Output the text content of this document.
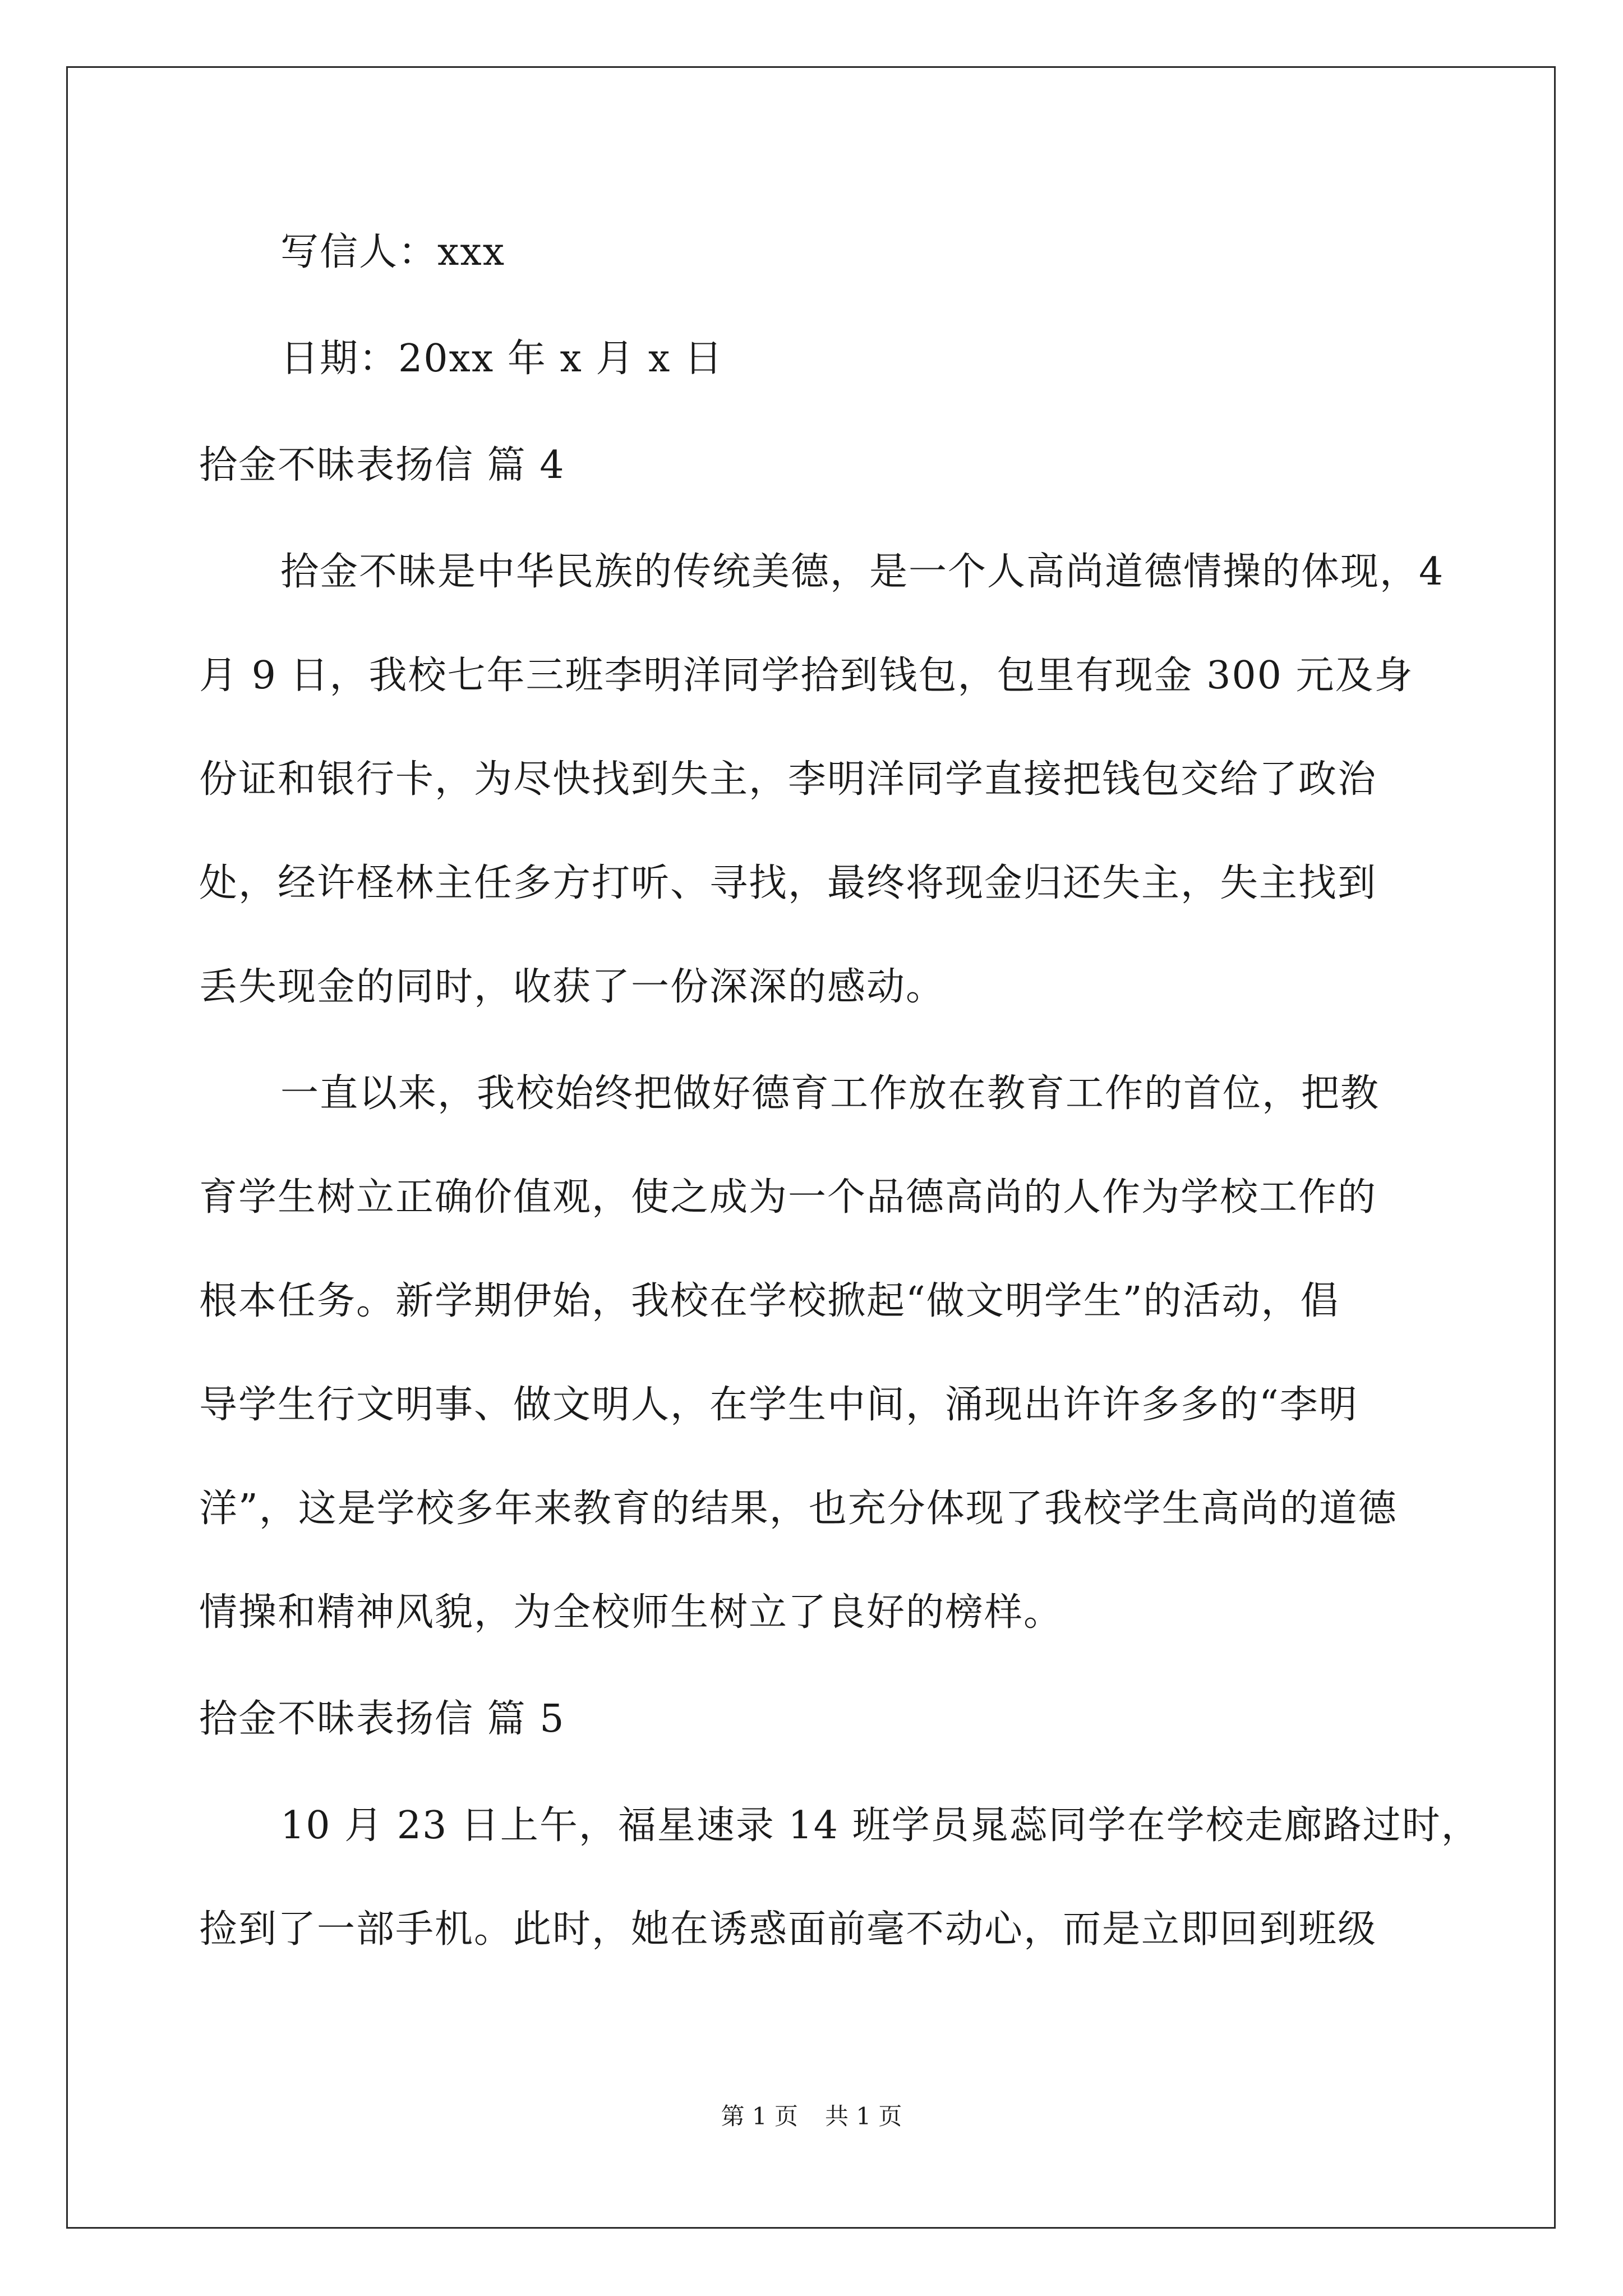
写信人：xxx
日期：20xx 年 x 月 x 日
拾金不昧表扬信 篇 4
拾金不昧是中华民族的传统美德，是一个人高尚道德情操的体现，4
月 9 日，我校七年三班李明洋同学拾到钱包，包里有现金 300 元及身
份证和银行卡，为尽快找到失主，李明洋同学直接把钱包交给了政治
处，经许柽林主任多方打听、寻找，最终将现金归还失主，失主找到
丢失现金的同时，收获了一份深深的感动。
一直以来，我校始终把做好德育工作放在教育工作的首位，把教
育学生树立正确价值观，使之成为一个品德高尚的人作为学校工作的
根本任务。新学期伊始，我校在学校掀起“做文明学生”的活动，倡
导学生行文明事、做文明人，在学生中间，涌现出许许多多的“李明
洋”，这是学校多年来教育的结果，也充分体现了我校学生高尚的道德
情操和精神风貌，为全校师生树立了良好的榜样。
拾金不昧表扬信 篇 5
10 月 23 日上午，福星速录 14 班学员晁蕊同学在学校走廊路过时，
捡到了一部手机。此时，她在诱惑面前毫不动心，而是立即回到班级
第 1 页 共 1 页
